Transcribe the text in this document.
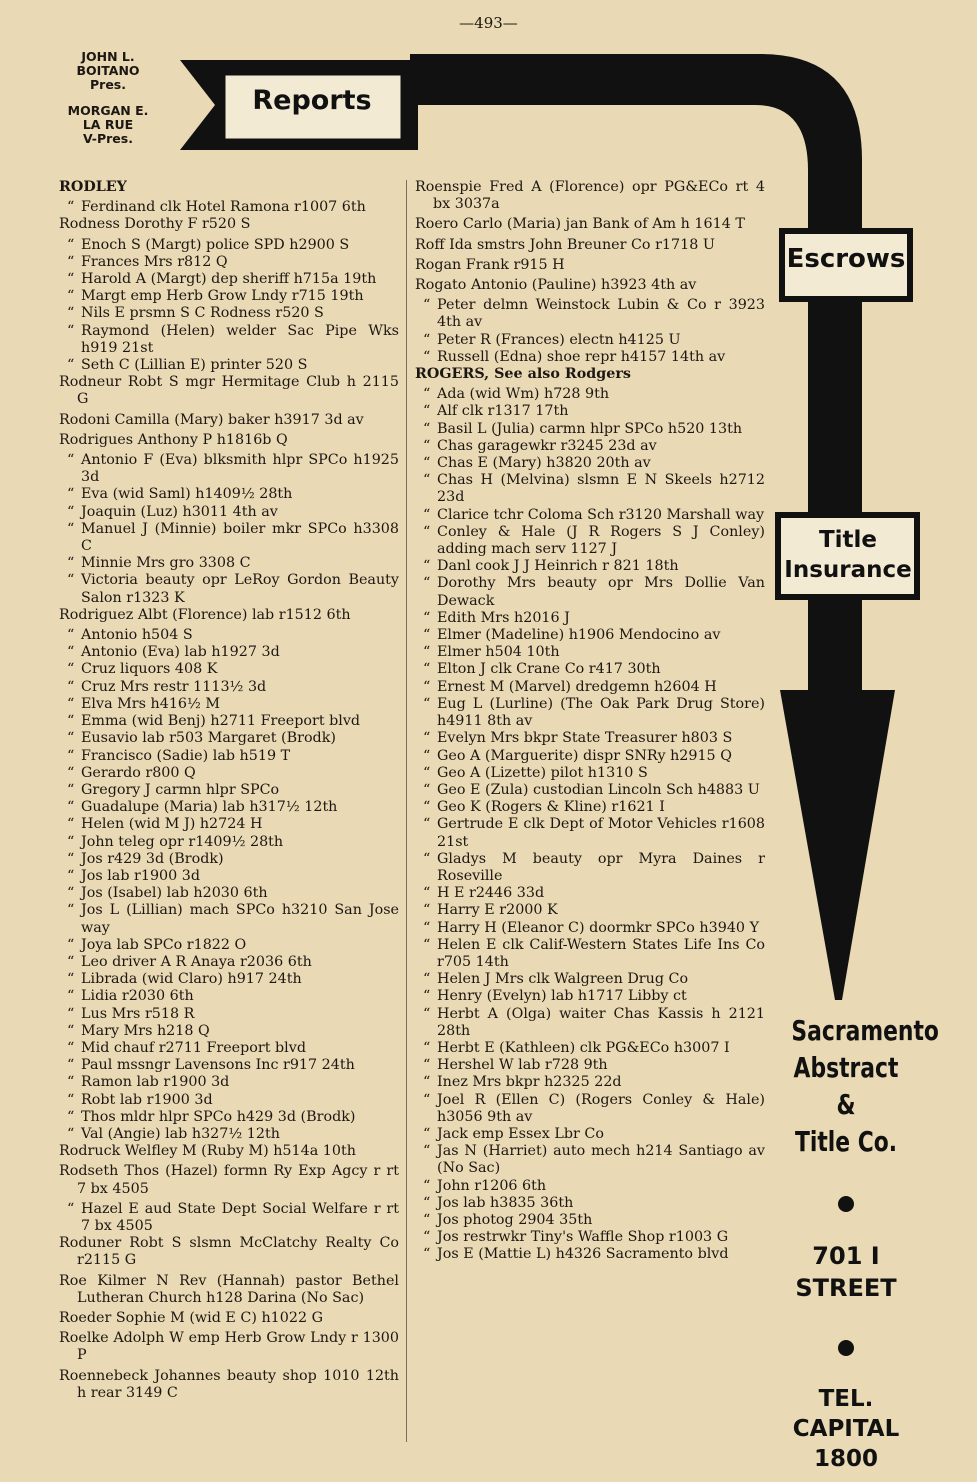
—493—
JOHN L. BOITANO
Pres.
MORGAN E. LA RUE
V-Pres.
Reports
Escrows
Title Insurance
Sacramento
Abstract &
Title Co.
701 I
STREET
TEL.
CAPITAL
1800
RODLEY
“ Ferdinand clk Hotel Ramona r1007 6th
Rodness Dorothy F r520 S
“ Enoch S (Margt) police SPD h2900 S
“ Frances Mrs r812 Q
“ Harold A (Margt) dep sheriff h715a 19th
“ Margt emp Herb Grow Lndy r715 19th
“ Nils E prsmn S C Rodness r520 S
“ Raymond (Helen) welder Sac Pipe Wks h919 21st
“ Seth C (Lillian E) printer 520 S
Rodneur Robt S mgr Hermitage Club h 2115 G
Rodoni Camilla (Mary) baker h3917 3d av
Rodrigues Anthony P h1816b Q
“ Antonio F (Eva) blksmith hlpr SPCo h1925 3d
“ Eva (wid Saml) h1409½ 28th
“ Joaquin (Luz) h3011 4th av
“ Manuel J (Minnie) boiler mkr SPCo h3308 C
“ Minnie Mrs gro 3308 C
“ Victoria beauty opr LeRoy Gordon Beauty Salon r1323 K
Rodriguez Albt (Florence) lab r1512 6th
“ Antonio h504 S
“ Antonio (Eva) lab h1927 3d
“ Cruz liquors 408 K
“ Cruz Mrs restr 1113½ 3d
“ Elva Mrs h416½ M
“ Emma (wid Benj) h2711 Freeport blvd
“ Eusavio lab r503 Margaret (Brodk)
“ Francisco (Sadie) lab h519 T
“ Gerardo r800 Q
“ Gregory J carmn hlpr SPCo
“ Guadalupe (Maria) lab h317½ 12th
“ Helen (wid M J) h2724 H
“ John teleg opr r1409½ 28th
“ Jos r429 3d (Brodk)
“ Jos lab r1900 3d
“ Jos (Isabel) lab h2030 6th
“ Jos L (Lillian) mach SPCo h3210 San Jose way
“ Joya lab SPCo r1822 O
“ Leo driver A R Anaya r2036 6th
“ Librada (wid Claro) h917 24th
“ Lidia r2030 6th
“ Lus Mrs r518 R
“ Mary Mrs h218 Q
“ Mid chauf r2711 Freeport blvd
“ Paul mssngr Lavensons Inc r917 24th
“ Ramon lab r1900 3d
“ Robt lab r1900 3d
“ Thos mldr hlpr SPCo h429 3d (Brodk)
“ Val (Angie) lab h327½ 12th
Rodruck Welfley M (Ruby M) h514a 10th
Rodseth Thos (Hazel) formn Ry Exp Agcy r rt 7 bx 4505
“ Hazel E aud State Dept Social Welfare r rt 7 bx 4505
Roduner Robt S slsmn McClatchy Realty Co r2115 G
Roe Kilmer N Rev (Hannah) pastor Bethel Lutheran Church h128 Darina (No Sac)
Roeder Sophie M (wid E C) h1022 G
Roelke Adolph W emp Herb Grow Lndy r 1300 P
Roennebeck Johannes beauty shop 1010 12th h rear 3149 C
Roenspie Fred A (Florence) opr PG&ECo rt 4 bx 3037a
Roero Carlo (Maria) jan Bank of Am h 1614 T
Roff Ida smstrs John Breuner Co r1718 U
Rogan Frank r915 H
Rogato Antonio (Pauline) h3923 4th av
“ Peter delmn Weinstock Lubin & Co r 3923 4th av
“ Peter R (Frances) electn h4125 U
“ Russell (Edna) shoe repr h4157 14th av
ROGERS, See also Rodgers
“ Ada (wid Wm) h728 9th
“ Alf clk r1317 17th
“ Basil L (Julia) carmn hlpr SPCo h520 13th
“ Chas garagewkr r3245 23d av
“ Chas E (Mary) h3820 20th av
“ Chas H (Melvina) slsmn E N Skeels h2712 23d
“ Clarice tchr Coloma Sch r3120 Marshall way
“ Conley & Hale (J R Rogers S J Conley) adding mach serv 1127 J
“ Danl cook J J Heinrich r 821 18th
“ Dorothy Mrs beauty opr Mrs Dollie Van Dewack
“ Edith Mrs h2016 J
“ Elmer (Madeline) h1906 Mendocino av
“ Elmer h504 10th
“ Elton J clk Crane Co r417 30th
“ Ernest M (Marvel) dredgemn h2604 H
“ Eug L (Lurline) (The Oak Park Drug Store) h4911 8th av
“ Evelyn Mrs bkpr State Treasurer h803 S
“ Geo A (Marguerite) dispr SNRy h2915 Q
“ Geo A (Lizette) pilot h1310 S
“ Geo E (Zula) custodian Lincoln Sch h4883 U
“ Geo K (Rogers & Kline) r1621 I
“ Gertrude E clk Dept of Motor Vehicles r1608 21st
“ Gladys M beauty opr Myra Daines r Roseville
“ H E r2446 33d
“ Harry E r2000 K
“ Harry H (Eleanor C) doormkr SPCo h3940 Y
“ Helen E clk Calif-Western States Life Ins Co r705 14th
“ Helen J Mrs clk Walgreen Drug Co
“ Henry (Evelyn) lab h1717 Libby ct
“ Herbt A (Olga) waiter Chas Kassis h 2121 28th
“ Herbt E (Kathleen) clk PG&ECo h3007 I
“ Hershel W lab r728 9th
“ Inez Mrs bkpr h2325 22d
“ Joel R (Ellen C) (Rogers Conley & Hale) h3056 9th av
“ Jack emp Essex Lbr Co
“ Jas N (Harriet) auto mech h214 Santiago av (No Sac)
“ John r1206 6th
“ Jos lab h3835 36th
“ Jos photog 2904 35th
“ Jos restrwkr Tiny's Waffle Shop r1003 G
“ Jos E (Mattie L) h4326 Sacramento blvd
